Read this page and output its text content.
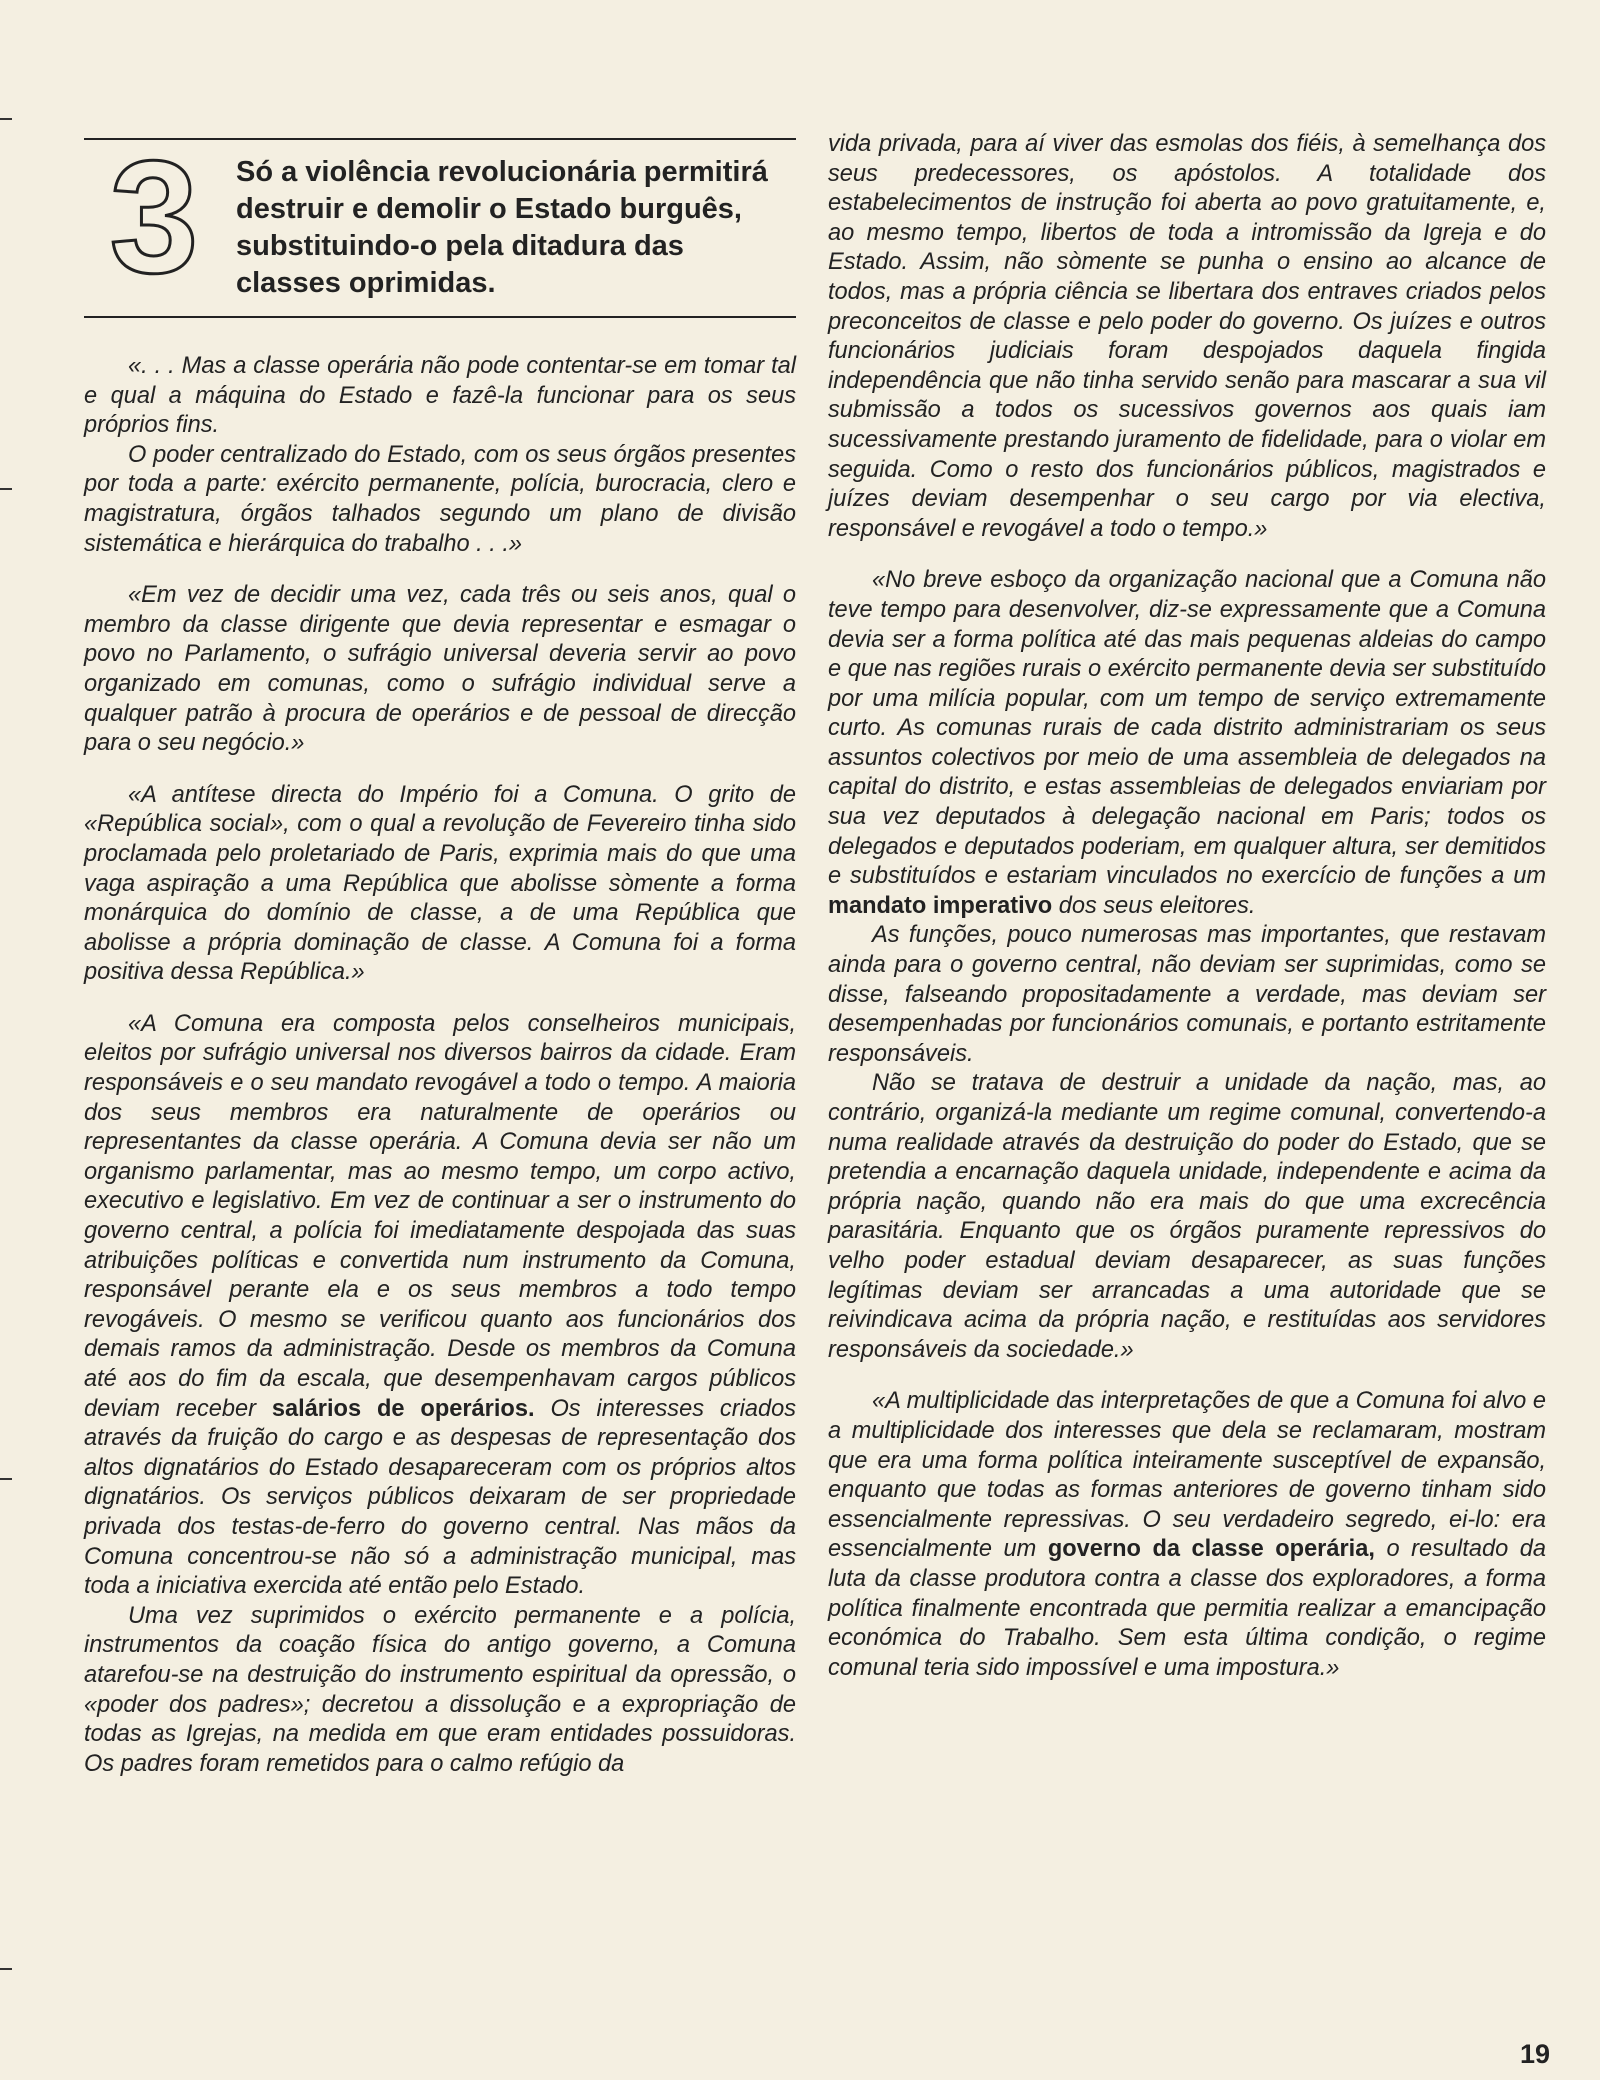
3 Só a violência revolucionária permitirá destruir e demolir o Estado burguês, substituindo-o pela ditadura das classes oprimidas.

«. . . Mas a classe operária não pode contentar-se em tomar tal e qual a máquina do Estado e fazê-la funcionar para os seus próprios fins.

O poder centralizado do Estado, com os seus órgãos presentes por toda a parte: exército permanente, polícia, burocracia, clero e magistratura, órgãos talhados segundo um plano de divisão sistemática e hierárquica do trabalho . . .»

«Em vez de decidir uma vez, cada três ou seis anos, qual o membro da classe dirigente que devia representar e esmagar o povo no Parlamento, o sufrágio universal deveria servir ao povo organizado em comunas, como o sufrágio individual serve a qualquer patrão à procura de operários e de pessoal de direcção para o seu negócio.»

«A antítese directa do Império foi a Comuna. O grito de «República social», com o qual a revolução de Fevereiro tinha sido proclamada pelo proletariado de Paris, exprimia mais do que uma vaga aspiração a uma República que abolisse sòmente a forma monárquica do domínio de classe, a de uma República que abolisse a própria dominação de classe. A Comuna foi a forma positiva dessa República.»

«A Comuna era composta pelos conselheiros municipais, eleitos por sufrágio universal nos diversos bairros da cidade. Eram responsáveis e o seu mandato revogável a todo o tempo. A maioria dos seus membros era naturalmente de operários ou representantes da classe operária. A Comuna devia ser não um organismo parlamentar, mas ao mesmo tempo, um corpo activo, executivo e legislativo. Em vez de continuar a ser o instrumento do governo central, a polícia foi imediatamente despojada das suas atribuições políticas e convertida num instrumento da Comuna, responsável perante ela e os seus membros a todo tempo revogáveis. O mesmo se verificou quanto aos funcionários dos demais ramos da administração. Desde os membros da Comuna até aos do fim da escala, que desempenhavam cargos públicos deviam receber salários de operários. Os interesses criados através da fruição do cargo e as despesas de representação dos altos dignatários do Estado desapareceram com os próprios altos dignatários. Os serviços públicos deixaram de ser propriedade privada dos testas-de-ferro do governo central. Nas mãos da Comuna concentrou-se não só a administração municipal, mas toda a iniciativa exercida até então pelo Estado.

Uma vez suprimidos o exército permanente e a polícia, instrumentos da coação física do antigo governo, a Comuna atarefou-se na destruição do instrumento espiritual da opressão, o «poder dos padres»; decretou a dissolução e a expropriação de todas as Igrejas, na medida em que eram entidades possuidoras. Os padres foram remetidos para o calmo refúgio da

vida privada, para aí viver das esmolas dos fiéis, à semelhança dos seus predecessores, os apóstolos. A totalidade dos estabelecimentos de instrução foi aberta ao povo gratuitamente, e, ao mesmo tempo, libertos de toda a intromissão da Igreja e do Estado. Assim, não sòmente se punha o ensino ao alcance de todos, mas a própria ciência se libertara dos entraves criados pelos preconceitos de classe e pelo poder do governo. Os juízes e outros funcionários judiciais foram despojados daquela fingida independência que não tinha servido senão para mascarar a sua vil submissão a todos os sucessivos governos aos quais iam sucessivamente prestando juramento de fidelidade, para o violar em seguida. Como o resto dos funcionários públicos, magistrados e juízes deviam desempenhar o seu cargo por via electiva, responsável e revogável a todo o tempo.»

«No breve esboço da organização nacional que a Comuna não teve tempo para desenvolver, diz-se expressamente que a Comuna devia ser a forma política até das mais pequenas aldeias do campo e que nas regiões rurais o exército permanente devia ser substituído por uma milícia popular, com um tempo de serviço extremamente curto. As comunas rurais de cada distrito administrariam os seus assuntos colectivos por meio de uma assembleia de delegados na capital do distrito, e estas assembleias de delegados enviariam por sua vez deputados à delegação nacional em Paris; todos os delegados e deputados poderiam, em qualquer altura, ser demitidos e substituídos e estariam vinculados no exercício de funções a um mandato imperativo dos seus eleitores.

As funções, pouco numerosas mas importantes, que restavam ainda para o governo central, não deviam ser suprimidas, como se disse, falseando propositadamente a verdade, mas deviam ser desempenhadas por funcionários comunais, e portanto estritamente responsáveis.

Não se tratava de destruir a unidade da nação, mas, ao contrário, organizá-la mediante um regime comunal, convertendo-a numa realidade através da destruição do poder do Estado, que se pretendia a encarnação daquela unidade, independente e acima da própria nação, quando não era mais do que uma excrecência parasitária. Enquanto que os órgãos puramente repressivos do velho poder estadual deviam desaparecer, as suas funções legítimas deviam ser arrancadas a uma autoridade que se reivindicava acima da própria nação, e restituídas aos servidores responsáveis da sociedade.»

«A multiplicidade das interpretações de que a Comuna foi alvo e a multiplicidade dos interesses que dela se reclamaram, mostram que era uma forma política inteiramente susceptível de expansão, enquanto que todas as formas anteriores de governo tinham sido essencialmente repressivas. O seu verdadeiro segredo, ei-lo: era essencialmente um governo da classe operária, o resultado da luta da classe produtora contra a classe dos exploradores, a forma política finalmente encontrada que permitia realizar a emancipação económica do Trabalho. Sem esta última condição, o regime comunal teria sido impossível e uma impostura.»

19
